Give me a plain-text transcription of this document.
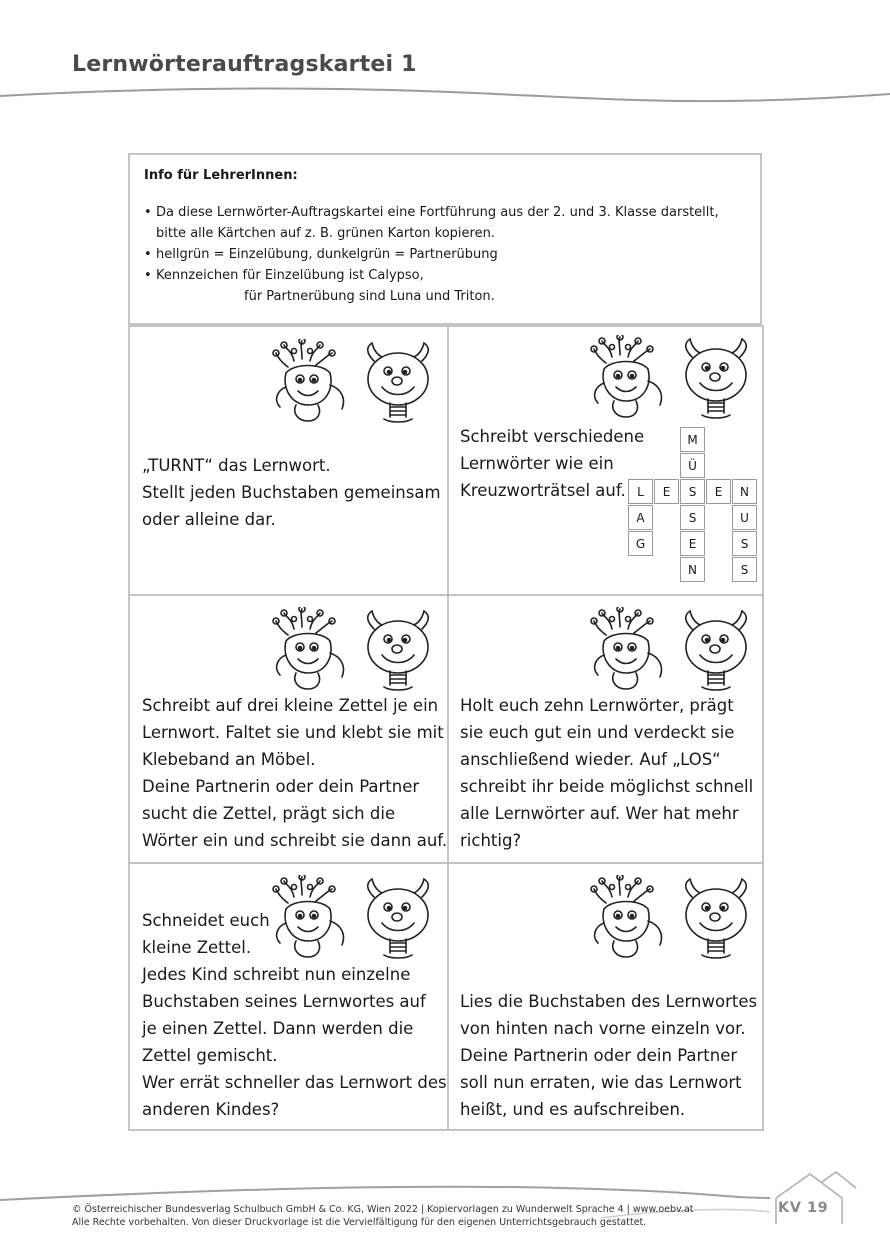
Lernwörterauftragskartei 1

Info für LehrerInnen:

• Da diese Lernwörter-Auftragskartei eine Fortführung aus der 2. und 3. Klasse darstellt,
bitte alle Kärtchen auf z. B. grünen Karton kopieren.
• hellgrün = Einzelübung, dunkelgrün = Partnerübung
• Kennzeichen für Einzelübung ist Calypso,
für Partnerübung sind Luna und Triton.

„TURNT“ das Lernwort.
Stellt jeden Buchstaben gemeinsam
oder alleine dar.

Schreibt verschiedene
Lernwörter wie ein
Kreuzworträtsel auf.

M
Ü
L	E	S	E	N
A	S	U
G	E	S
N	S

Schreibt auf drei kleine Zettel je ein
Lernwort. Faltet sie und klebt sie mit
Klebeband an Möbel.
Deine Partnerin oder dein Partner
sucht die Zettel, prägt sich die
Wörter ein und schreibt sie dann auf.

Holt euch zehn Lernwörter, prägt
sie euch gut ein und verdeckt sie
anschließend wieder. Auf „LOS“
schreibt ihr beide möglichst schnell
alle Lernwörter auf. Wer hat mehr
richtig?

Schneidet euch
kleine Zettel.
Jedes Kind schreibt nun einzelne
Buchstaben seines Lernwortes auf
je einen Zettel. Dann werden die
Zettel gemischt.
Wer errät schneller das Lernwort des
anderen Kindes?

Lies die Buchstaben des Lernwortes
von hinten nach vorne einzeln vor.
Deine Partnerin oder dein Partner
soll nun erraten, wie das Lernwort
heißt, und es aufschreiben.

© Österreichischer Bundesverlag Schulbuch GmbH & Co. KG, Wien 2022 | Kopiervorlagen zu Wunderwelt Sprache 4 | www.oebv.at
Alle Rechte vorbehalten. Von dieser Druckvorlage ist die Vervielfältigung für den eigenen Unterrichtsgebrauch gestattet.

KV 19
